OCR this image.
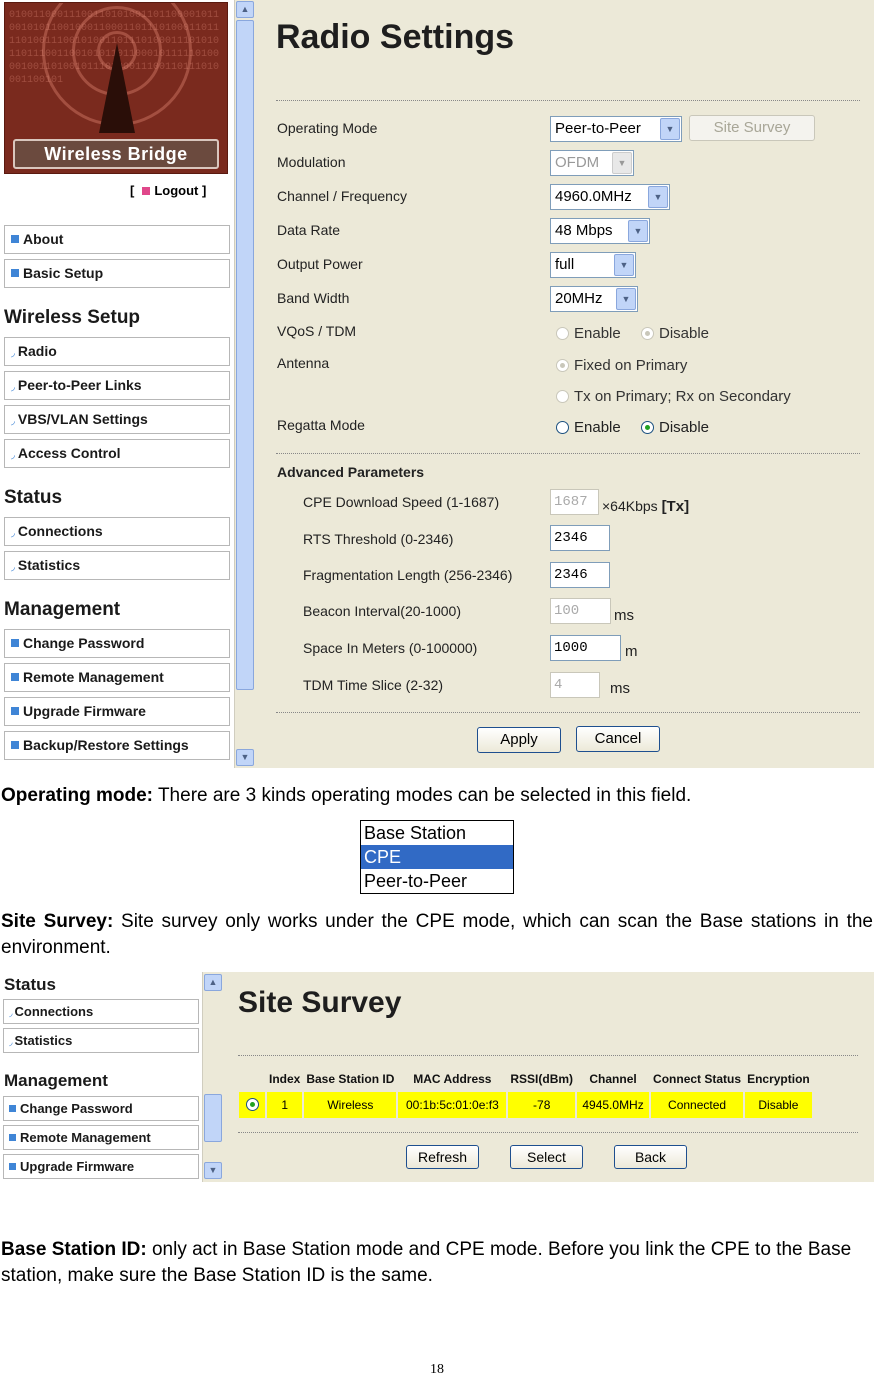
0100110001110011010100110110000101100101011001000110001101110100011011110100111001010011011101000111010101101110011001010110110001011111010000100110100101110100011100110111010001100101
Wireless Bridge
[ Logout ]
About
Basic Setup
Wireless Setup
◞ Radio
◞ Peer-to-Peer Links
◞ VBS/VLAN Settings
◞ Access Control
Status
◞ Connections
◞ Statistics
Management
Change Password
Remote Management
Upgrade Firmware
Backup/Restore Settings
▲
▼
Radio Settings
Operating Mode	Peer-to-Peer	▼	Site Survey
Modulation	OFDM	▼
Channel / Frequency	4960.0MHz	▼
Data Rate	48 Mbps	▼
Output Power	full	▼
Band Width	20MHz	▼
VQoS / TDM	Enable	Disable
Antenna	Fixed on Primary
Tx on Primary; Rx on Secondary
Regatta Mode	Enable	Disable
Advanced Parameters
CPE Download Speed (1-1687)	1687	×64Kbps [Tx]
RTS Threshold (0-2346)	2346
Fragmentation Length (256-2346)	2346
Beacon Interval(20-1000)	100	ms
Space In Meters (0-100000)	1000	m
TDM Time Slice (2-32)	4	ms
Apply	Cancel
Operating mode: There are 3 kinds operating modes can be selected in this field.
Base Station
CPE
Peer-to-Peer
Site Survey: Site survey only works under the CPE mode, which can scan the Base stations in the environment.
Status
◞ Connections
◞ Statistics
Management
Change Password
Remote Management
Upgrade Firmware
▲
▼
Site Survey
	Index	Base Station ID	MAC Address	RSSI(dBm)	Channel	Connect Status	Encryption
	1	Wireless	00:1b:5c:01:0e:f3	-78	4945.0MHz	Connected	Disable
Refresh	Select	Back
Base Station ID: only act in Base Station mode and CPE mode. Before you link the CPE to the Base station, make sure the Base Station ID is the same.
18
